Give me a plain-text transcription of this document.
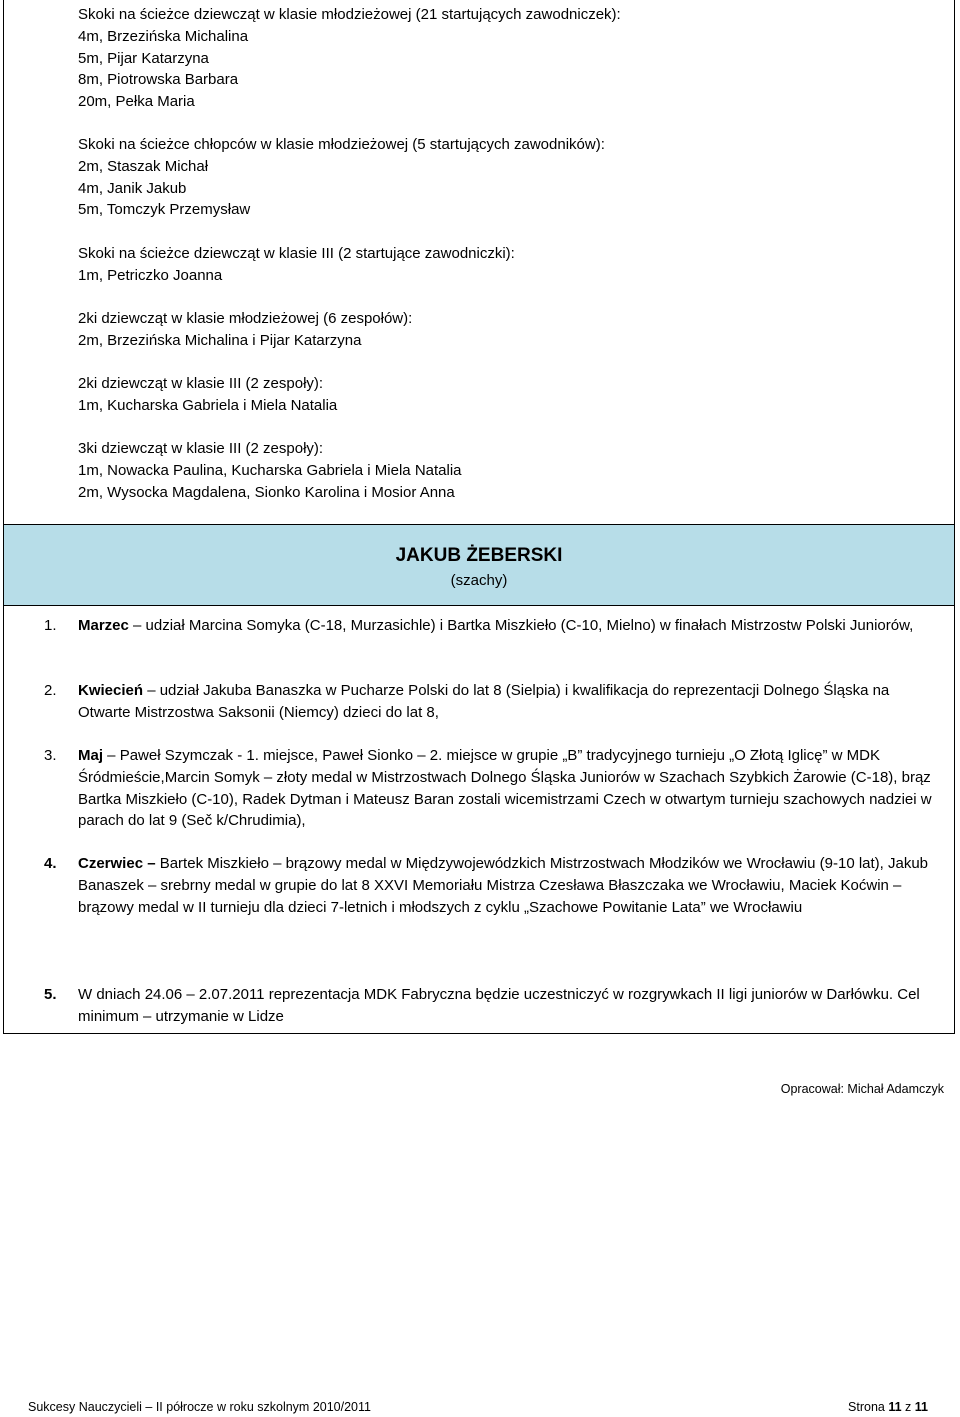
Skoki na ścieżce dziewcząt w klasie młodzieżowej (21 startujących zawodniczek):
4m, Brzezińska Michalina
5m, Pijar Katarzyna
8m, Piotrowska Barbara
20m, Pełka Maria
Skoki na ścieżce chłopców w klasie młodzieżowej (5 startujących zawodników):
2m, Staszak Michał
4m, Janik Jakub
5m, Tomczyk Przemysław
Skoki na ścieżce dziewcząt w klasie III (2 startujące zawodniczki):
1m, Petriczko Joanna
2ki dziewcząt w klasie młodzieżowej (6 zespołów):
2m, Brzezińska Michalina i Pijar Katarzyna
2ki dziewcząt w klasie III (2 zespoły):
1m, Kucharska Gabriela i Miela Natalia
3ki dziewcząt w klasie III (2 zespoły):
1m, Nowacka Paulina, Kucharska Gabriela i Miela Natalia
2m, Wysocka Magdalena, Sionko Karolina i Mosior Anna
JAKUB ŻEBERSKI
(szachy)
1. Marzec – udział Marcina Somyka (C-18, Murzasichle) i Bartka Miszkieło (C-10, Mielno) w finałach Mistrzostw Polski Juniorów,
2. Kwiecień – udział Jakuba Banaszka w Pucharze Polski do lat 8 (Sielpia) i kwalifikacja do reprezentacji Dolnego Śląska na Otwarte Mistrzostwa Saksonii (Niemcy) dzieci do lat 8,
3. Maj – Paweł Szymczak - 1. miejsce, Paweł Sionko – 2. miejsce w grupie „B” tradycyjnego turnieju „O Złotą Iglicę” w MDK Śródmieście,Marcin Somyk – złoty medal w Mistrzostwach Dolnego Śląska Juniorów w Szachach Szybkich Żarowie (C-18), brąz Bartka Miszkieło (C-10), Radek Dytman i Mateusz Baran zostali wicemistrzami Czech w otwartym turnieju szachowych nadziei w parach do lat 9 (Seč k/Chrudimia),
4. Czerwiec – Bartek Miszkieło – brązowy medal w Międzywojewódzkich Mistrzostwach Młodzików we Wrocławiu (9-10 lat), Jakub Banaszek – srebrny medal w grupie do lat 8 XXVI Memoriału Mistrza Czesława Błaszczaka we Wrocławiu, Maciek Koćwin – brązowy medal w II turnieju dla dzieci 7-letnich i młodszych z cyklu „Szachowe Powitanie Lata” we Wrocławiu
5. W dniach 24.06 – 2.07.2011 reprezentacja MDK Fabryczna będzie uczestniczyć w rozgrywkach II ligi juniorów w Darłówku. Cel minimum – utrzymanie w Lidze
Opracował: Michał Adamczyk
Sukcesy Nauczycieli – II półrocze w roku szkolnym 2010/2011	Strona 11 z 11
